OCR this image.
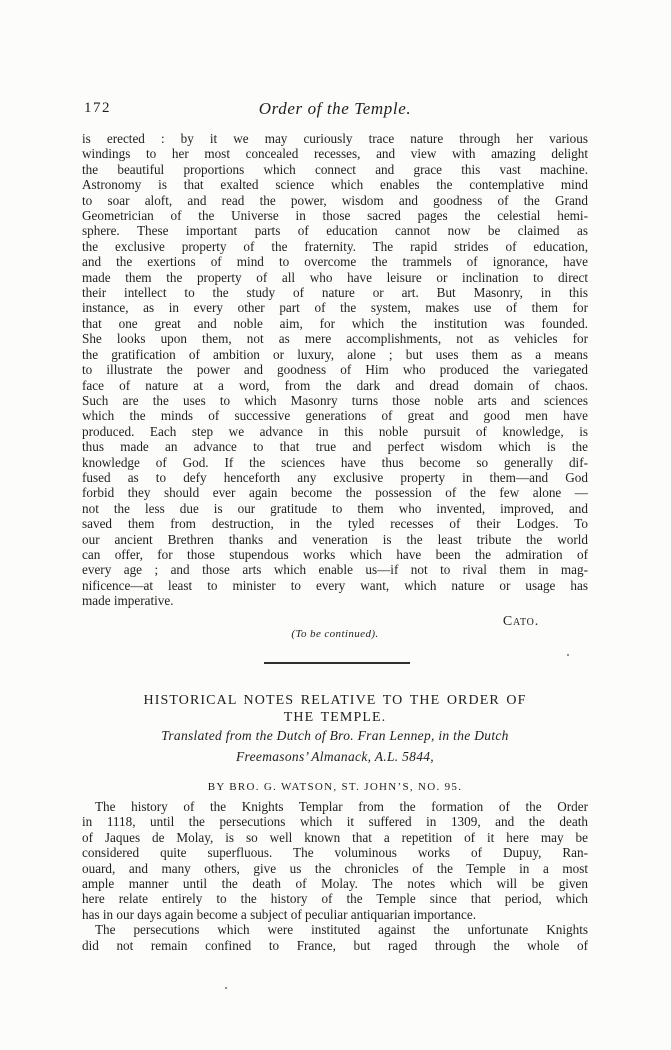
172	Order of the Temple.
is erected : by it we may curiously trace nature through her various
windings to her most concealed recesses, and view with amazing delight
the beautiful proportions which connect and grace this vast machine.
Astronomy is that exalted science which enables the contemplative mind
to soar aloft, and read the power, wisdom and goodness of the Grand
Geometrician of the Universe in those sacred pages the celestial hemi-
sphere. These important parts of education cannot now be claimed as
the exclusive property of the fraternity. The rapid strides of education,
and the exertions of mind to overcome the trammels of ignorance, have
made them the property of all who have leisure or inclination to direct
their intellect to the study of nature or art. But Masonry, in this
instance, as in every other part of the system, makes use of them for
that one great and noble aim, for which the institution was founded.
She looks upon them, not as mere accomplishments, not as vehicles for
the gratification of ambition or luxury, alone ; but uses them as a means
to illustrate the power and goodness of Him who produced the variegated
face of nature at a word, from the dark and dread domain of chaos.
Such are the uses to which Masonry turns those noble arts and sciences
which the minds of successive generations of great and good men have
produced. Each step we advance in this noble pursuit of knowledge, is
thus made an advance to that true and perfect wisdom which is the
knowledge of God. If the sciences have thus become so generally dif-
fused as to defy henceforth any exclusive property in them—and God
forbid they should ever again become the possession of the few alone —
not the less due is our gratitude to them who invented, improved, and
saved them from destruction, in the tyled recesses of their Lodges. To
our ancient Brethren thanks and veneration is the least tribute the world
can offer, for those stupendous works which have been the admiration of
every age ; and those arts which enable us—if not to rival them in mag-
nificence—at least to minister to every want, which nature or usage has
made imperative.
Cato.
(To be continued).
HISTORICAL NOTES RELATIVE TO THE ORDER OF
THE TEMPLE.
Translated from the Dutch of Bro. Fran Lennep, in the Dutch
Freemasons’ Almanack, A.L. 5844,
BY BRO. G. WATSON, ST. JOHN’S, NO. 95.
The history of the Knights Templar from the formation of the Order
in 1118, until the persecutions which it suffered in 1309, and the death
of Jaques de Molay, is so well known that a repetition of it here may be
considered quite superfluous. The voluminous works of Dupuy, Ran-
ouard, and many others, give us the chronicles of the Temple in a most
ample manner until the death of Molay. The notes which will be given
here relate entirely to the history of the Temple since that period, which
has in our days again become a subject of peculiar antiquarian importance.
The persecutions which were instituted against the unfortunate Knights
did not remain confined to France, but raged through the whole of
